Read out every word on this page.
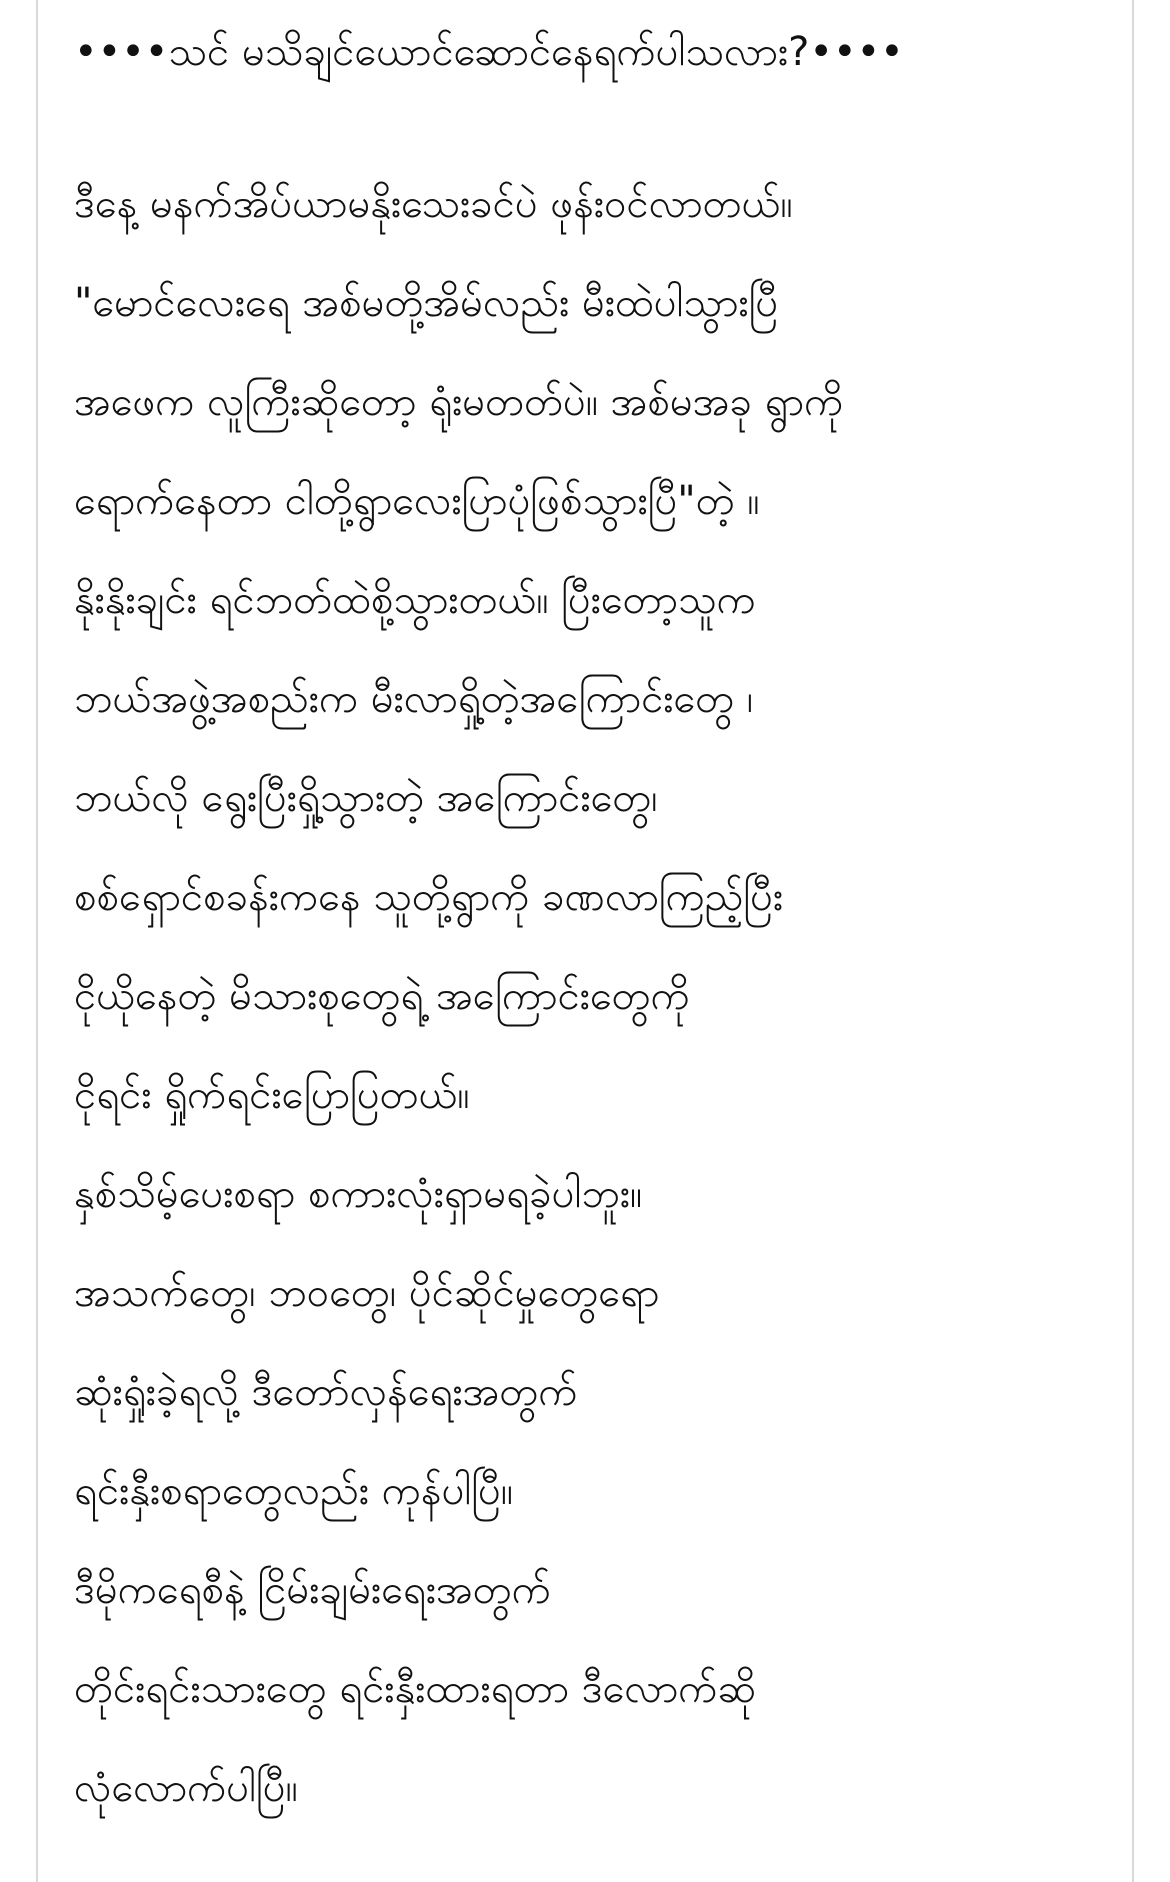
••••သင် မသိချင်ယောင်ဆောင်နေရက်ပါသလား?••••
ဒီနေ့ မနက်အိပ်ယာမနိုးသေးခင်ပဲ ဖုန်းဝင်လာတယ်။
"မောင်လေးရေ အစ်မတို့အိမ်လည်း မီးထဲပါသွားပြီ
အဖေက လူကြီးဆိုတော့ ရုံးမတတ်ပဲ။ အစ်မအခု ရွာကို
ရောက်နေတာ ငါတို့ရွာလေးပြာပုံဖြစ်သွားပြီ"တဲ့ ။
နိုးနိုးချင်း ရင်ဘတ်ထဲစို့သွားတယ်။ ပြီးတော့သူက
ဘယ်အဖွဲ့အစည်းက မီးလာရှို့တဲ့အကြောင်းတွေ ၊
ဘယ်လို ရွေးပြီးရှို့သွားတဲ့ အကြောင်းတွေ၊
စစ်ရှောင်စခန်းကနေ သူတို့ရွာကို ခဏလာကြည့်ပြီး
ငိုယိုနေတဲ့ မိသားစုတွေရဲ့ အကြောင်းတွေကို
ငိုရင်း ရှိုက်ရင်းပြောပြတယ်။
နှစ်သိမ့်ပေးစရာ စကားလုံးရှာမရခဲ့ပါဘူး။
အသက်တွေ၊ ဘဝတွေ၊ ပိုင်ဆိုင်မှုတွေရော
ဆုံးရှုံးခဲ့ရလို့ ဒီတော်လှန်ရေးအတွက်
ရင်းနှီးစရာတွေလည်း ကုန်ပါပြီ။
ဒီမိုကရေစီနဲ့ ငြိမ်းချမ်းရေးအတွက်
တိုင်းရင်းသားတွေ ရင်းနှီးထားရတာ ဒီလောက်ဆို
လုံလောက်ပါပြီ။
